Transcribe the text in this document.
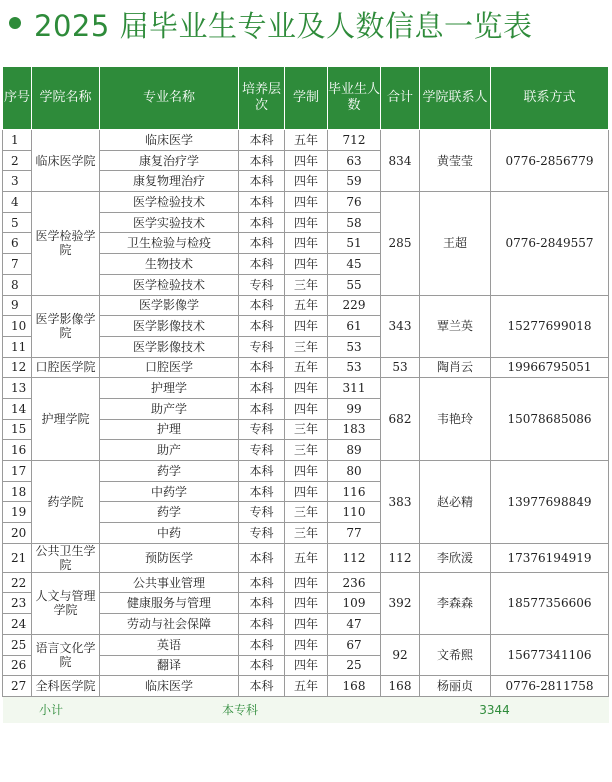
2025 届毕业生专业及人数信息一览表
序号	学院名称	专业名称	培养层次	学制	毕业生人数	合计	学院联系人	联系方式
1	临床医学院	临床医学	本科	五年	712	834	黄莹莹	0776-2856779
2		康复治疗学	本科	四年	63			
3		康复物理治疗	本科	四年	59			
4	医学检验学院	医学检验技术	本科	四年	76	285	王超	0776-2849557
5		医学实验技术	本科	四年	58			
6		卫生检验与检疫	本科	四年	51			
7		生物技术	本科	四年	45			
8		医学检验技术	专科	三年	55			
9	医学影像学院	医学影像学	本科	五年	229	343	覃兰英	15277699018
10		医学影像技术	本科	四年	61			
11		医学影像技术	专科	三年	53			
12	口腔医学院	口腔医学	本科	五年	53	53	陶肖云	19966795051
13	护理学院	护理学	本科	四年	311	682	韦艳玲	15078685086
14		助产学	本科	四年	99			
15		护理	专科	三年	183			
16		助产	专科	三年	89			
17	药学院	药学	本科	四年	80	383	赵必精	13977698849
18		中药学	本科	四年	116			
19		药学	专科	三年	110			
20		中药	专科	三年	77			
21	公共卫生学院	预防医学	本科	五年	112	112	李欣湲	17376194919
22	人文与管理学院	公共事业管理	本科	四年	236	392	李森森	18577356606
23		健康服务与管理	本科	四年	109			
24		劳动与社会保障	本科	四年	47			
25	语言文化学院	英语	本科	四年	67	92	文希熙	15677341106
26		翻译	本科	四年	25			
27	全科医学院	临床医学	本科	五年	168	168	杨丽贞	0776-2811758
小计		本专科				3344		
